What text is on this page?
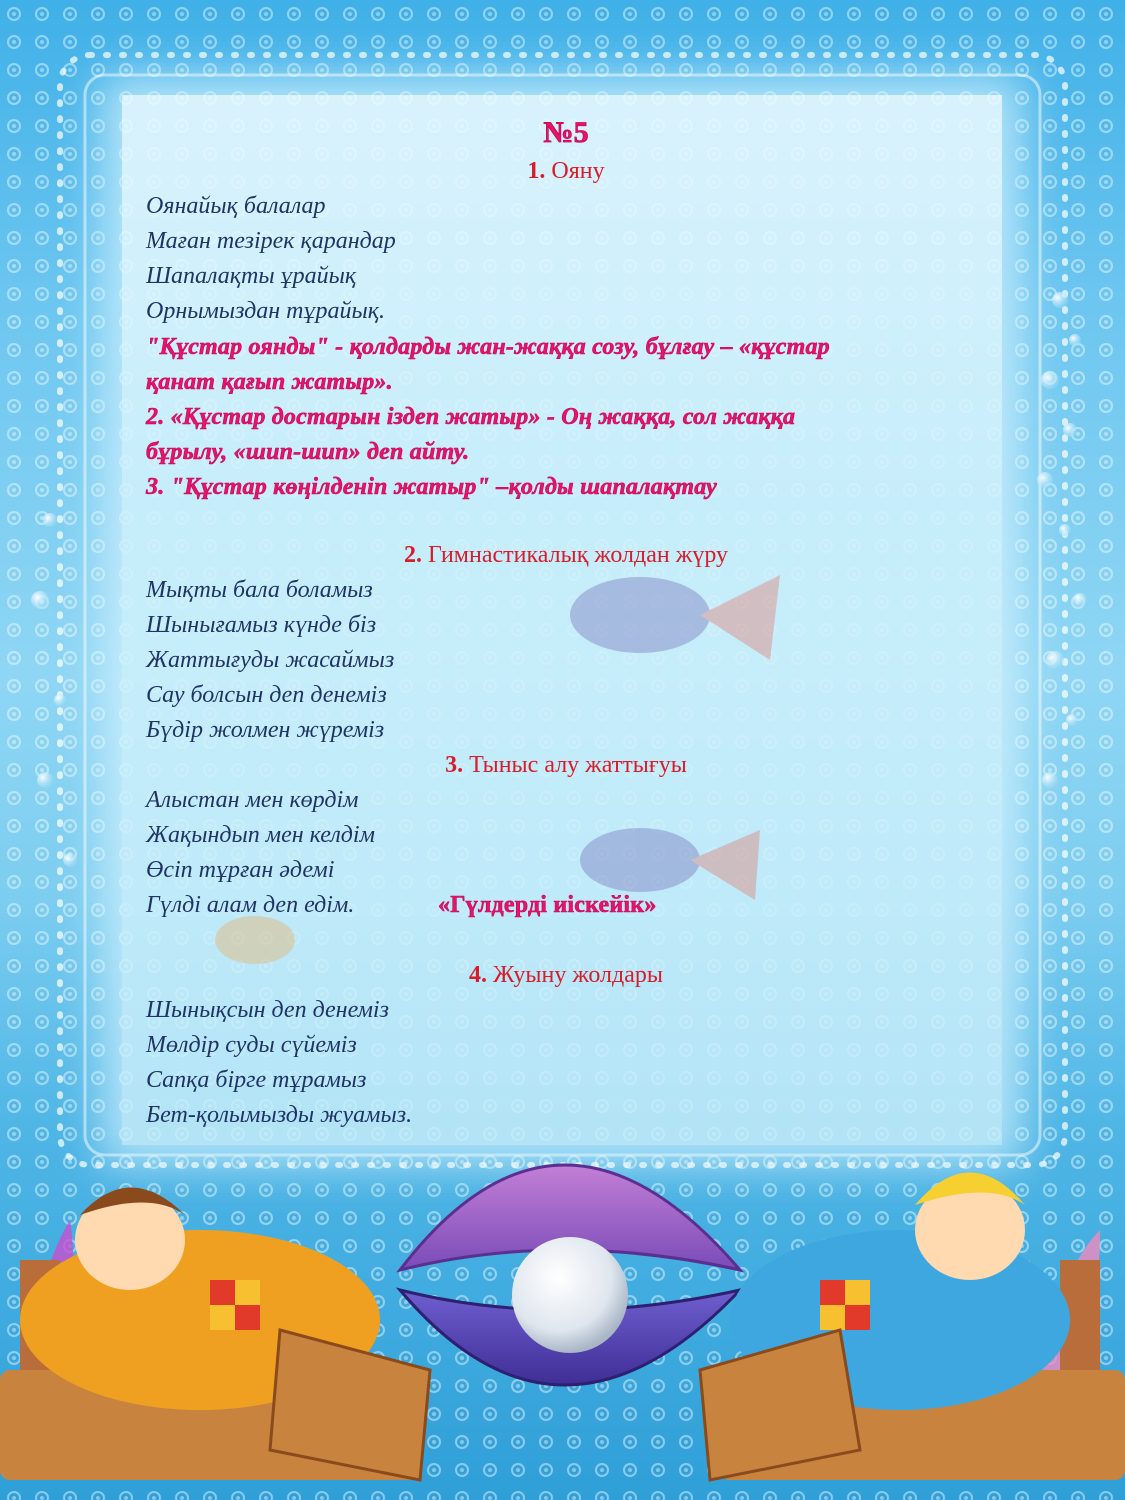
№5
1. Ояну
Оянайық балалар
Маған тезірек қарандар
Шапалақты ұрайық
Орнымыздан тұрайық.
"Құстар оянды" - қолдарды жан-жаққа созу, бұлғау – «құстар
қанат қағып жатыр».
2. «Құстар достарын іздеп жатыр» - Оң жаққа, сол жаққа
бұрылу, «шип-шип» деп айту.
3. "Құстар көңілденіп жатыр" –қолды шапалақтау
2. Гимнастикалық жолдан жүру
Мықты бала боламыз
Шынығамыз күнде біз
Жаттығуды жасаймыз
Сау болсын деп денеміз
Бүдір жолмен жүреміз
3. Тыныс алу жаттығуы
Алыстан мен көрдім
Жақындып мен келдім
Өсіп тұрған әдемі
Гүлді алам деп едім.	«Гүлдерді иіскейік»
4. Жуыну жолдары
Шынықсын деп денеміз
Мөлдір суды сүйеміз
Сапқа бірге тұрамыз
Бет-қолымызды жуамыз.
